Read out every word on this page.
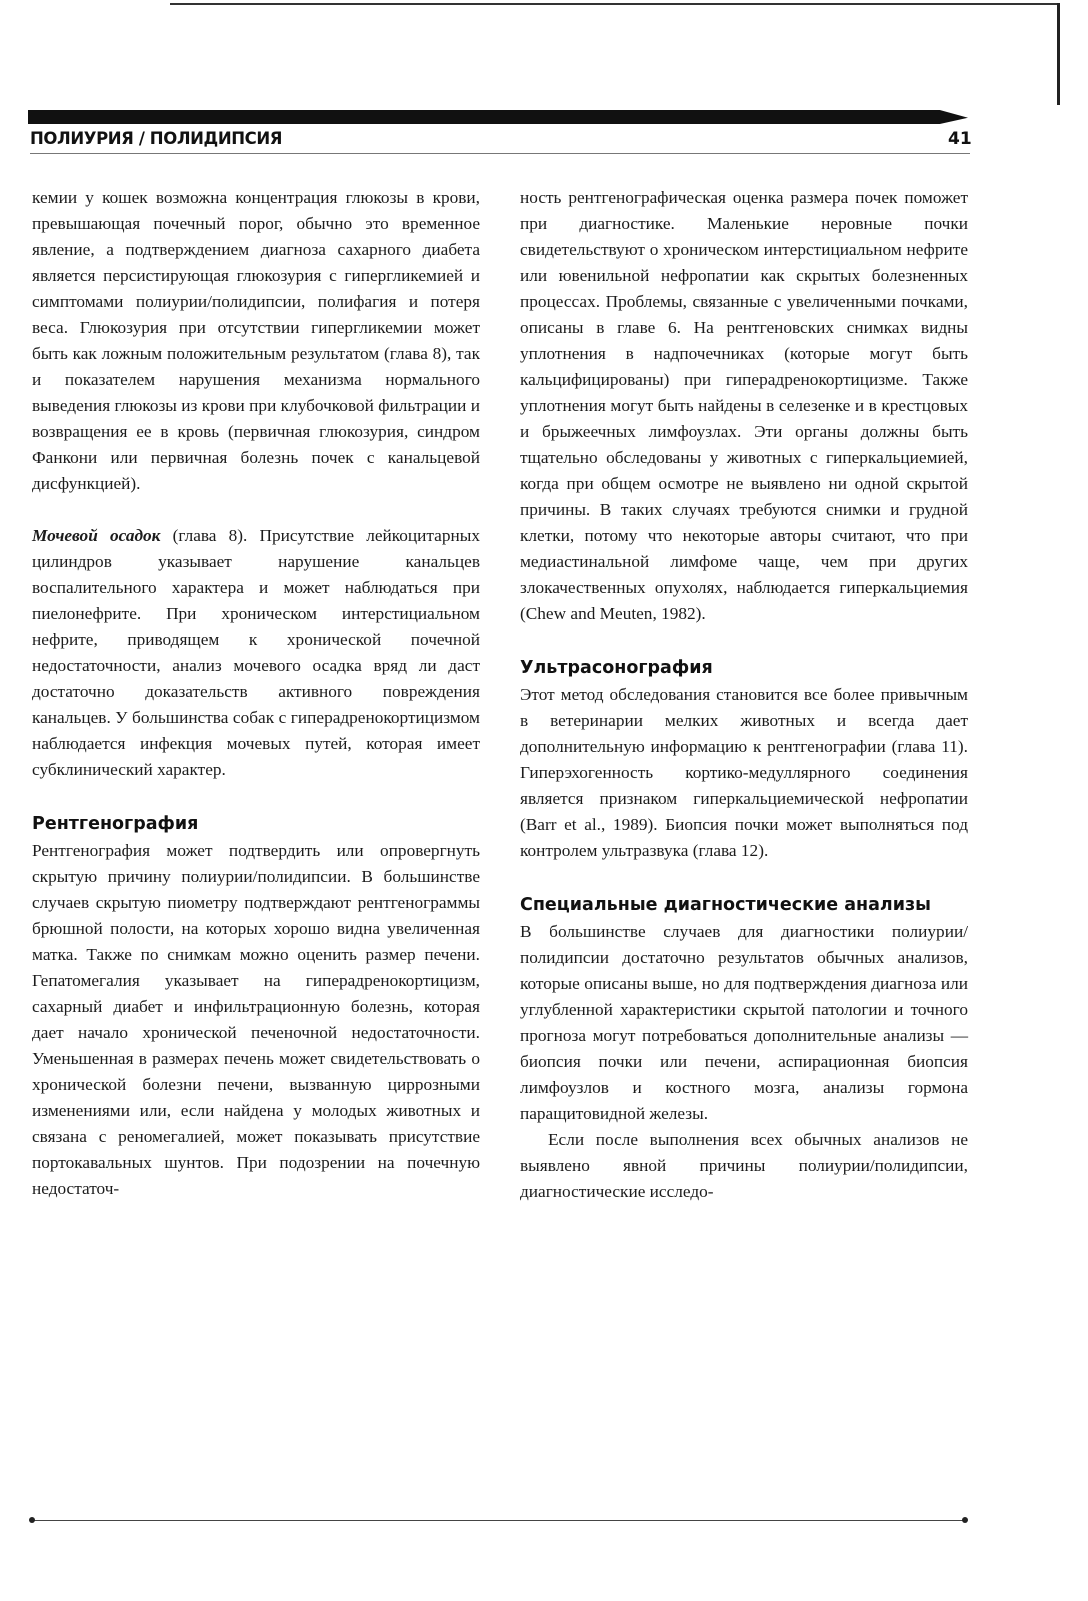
ПОЛИУРИЯ / ПОЛИДИПСИЯ	41

кемии у кошек возможна концентрация глюкозы в крови, превышающая почечный порог, обычно это временное явление, а подтверждением диагноза сахарного диабета является персистирующая глюкозурия с гипергликемией и симптомами полиурии/полидипсии, полифагия и потеря веса. Глюкозурия при отсутствии гипергликемии может быть как ложным положительным результатом (глава 8), так и показателем нарушения механизма нормального выведения глюкозы из крови при клубочковой фильтрации и возвращения ее в кровь (первичная глюкозурия, синдром Фанкони или первичная болезнь почек с канальцевой дисфункцией).

Мочевой осадок (глава 8). Присутствие лейкоцитарных цилиндров указывает нарушение канальцев воспалительного характера и может наблюдаться при пиелонефрите. При хроническом интерстициальном нефрите, приводящем к хронической почечной недостаточности, анализ мочевого осадка вряд ли даст достаточно доказательств активного повреждения канальцев. У большинства собак с гиперадренокортицизмом наблюдается инфекция мочевых путей, которая имеет субклинический характер.

Рентгенография

Рентгенография может подтвердить или опровергнуть скрытую причину полиурии/полидипсии. В большинстве случаев скрытую пиометру подтверждают рентгенограммы брюшной полости, на которых хорошо видна увеличенная матка. Также по снимкам можно оценить размер печени. Гепатомегалия указывает на гиперадренокортицизм, сахарный диабет и инфильтрационную болезнь, которая дает начало хронической печеночной недостаточности. Уменьшенная в размерах печень может свидетельствовать о хронической болезни печени, вызванную циррозными изменениями или, если найдена у молодых животных и связана с реномегалией, может показывать присутствие портокавальных шунтов. При подозрении на почечную недостаточ-

ность рентгенографическая оценка размера почек поможет при диагностике. Маленькие неровные почки свидетельствуют о хроническом интерстициальном нефрите или ювенильной нефропатии как скрытых болезненных процессах. Проблемы, связанные с увеличенными почками, описаны в главе 6. На рентгеновских снимках видны уплотнения в надпочечниках (которые могут быть кальцифицированы) при гиперадренокортицизме. Также уплотнения могут быть найдены в селезенке и в крестцовых и брыжеечных лимфоузлах. Эти органы должны быть тщательно обследованы у животных с гиперкальциемией, когда при общем осмотре не выявлено ни одной скрытой причины. В таких случаях требуются снимки и грудной клетки, потому что некоторые авторы считают, что при медиастинальной лимфоме чаще, чем при других злокачественных опухолях, наблюдается гиперкальциемия (Chew and Meuten, 1982).

Ультрасонография

Этот метод обследования становится все более привычным в ветеринарии мелких животных и всегда дает дополнительную информацию к рентгенографии (глава 11). Гиперэхогенность кортико-медуллярного соединения является признаком гиперкальциемической нефропатии (Barr et al., 1989). Биопсия почки может выполняться под контролем ультразвука (глава 12).

Специальные диагностические анализы

В большинстве случаев для диагностики полиурии/полидипсии достаточно результатов обычных анализов, которые описаны выше, но для подтверждения диагноза или углубленной характеристики скрытой патологии и точного прогноза могут потребоваться дополнительные анализы — биопсия почки или печени, аспирационная биопсия лимфоузлов и костного мозга, анализы гормона паращитовидной железы.

Если после выполнения всех обычных анализов не выявлено явной причины полиурии/полидипсии, диагностические исследо-
